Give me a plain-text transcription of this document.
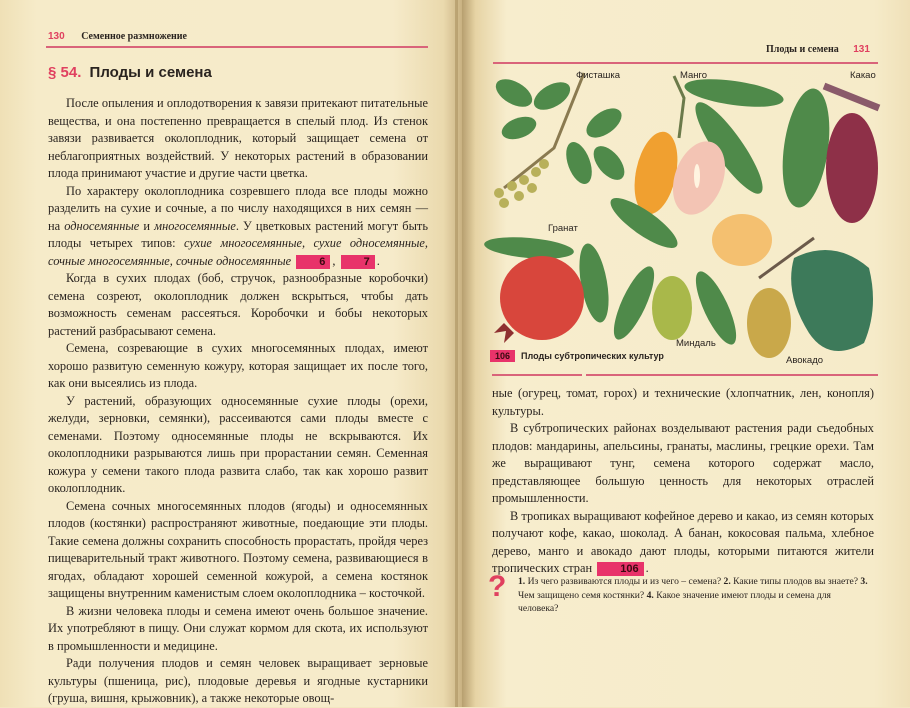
130 Семенное размножение
§ 54. Плоды и семена

После опыления и оплодотворения к завязи притекают питательные вещества, и она постепенно превращается в спелый плод. Из стенок завязи развивается околоплодник, который защищает семена от неблагоприятных воздействий. У некоторых растений в образовании плода принимают участие и другие части цветка.

По характеру околоплодника созревшего плода все плоды можно разделить на сухие и сочные, а по числу находящихся в них семян — на односемянные и многосемянные. У цветковых растений могут быть плоды четырех типов: сухие многосемянные, сухие односемянные, сочные многосемянные, сочные односемянные	6 ,	7 .

Когда в сухих плодах (боб, стручок, разнообразные коробочки) семена созреют, околоплодник должен вскрыться, чтобы дать возможность семенам рассеяться. Коробочки и бобы некоторых растений разбрасывают семена.

Семена, созревающие в сухих многосемянных плодах, имеют хорошо развитую семенную кожуру, которая защищает их после того, как они высеялись из плода.

У растений, образующих односемянные сухие плоды (орехи, желуди, зерновки, семянки), рассеиваются сами плоды вместе с семенами. Поэтому односемянные плоды не вскрываются. Их околоплодники разрываются лишь при прорастании семян. Семенная кожура у семени такого плода развита слабо, так как хорошо развит околоплодник.

Семена сочных многосемянных плодов (ягоды) и односемянных плодов (костянки) распространяют животные, поедающие эти плоды. Такие семена должны сохранить способность прорастать, пройдя через пищеварительный тракт животного. Поэтому семена, развивающиеся в ягодах, обладают хорошей семенной кожурой, а семена костянок защищены внутренним каменистым слоем околоплодника – косточкой.

В жизни человека плоды и семена имеют очень большое значение. Их употребляют в пищу. Они служат кормом для скота, их используют в промышленности и медицине.

Ради получения плодов и семян человек выращивает зерновые культуры (пшеница, рис), плодовые деревья и ягодные кустарники (груша, вишня, крыжовник), а также некоторые овощ-

Плоды и семена 131
Фисташка	Манго	Какао
Гранат
Миндаль
Авокадо
106	Плоды субтропических культур

ные (огурец, томат, горох) и технические (хлопчатник, лен, конопля) культуры.

В субтропических районах возделывают растения ради съедобных плодов: мандарины, апельсины, гранаты, маслины, грецкие орехи. Там же выращивают тунг, семена которого содержат масло, представляющее большую ценность для некоторых отраслей промышленности.

В тропиках выращивают кофейное дерево и какао, из семян которых получают кофе, какао, шоколад. А банан, кокосовая пальма, хлебное дерево, манго и авокадо дают плоды, которыми питаются жители тропических стран	106 .

? 1. Из чего развиваются плоды и из чего – семена? 2. Какие типы плодов вы знаете? 3. Чем защищено семя костянки? 4. Какое значение имеют плоды и семена для человека?
